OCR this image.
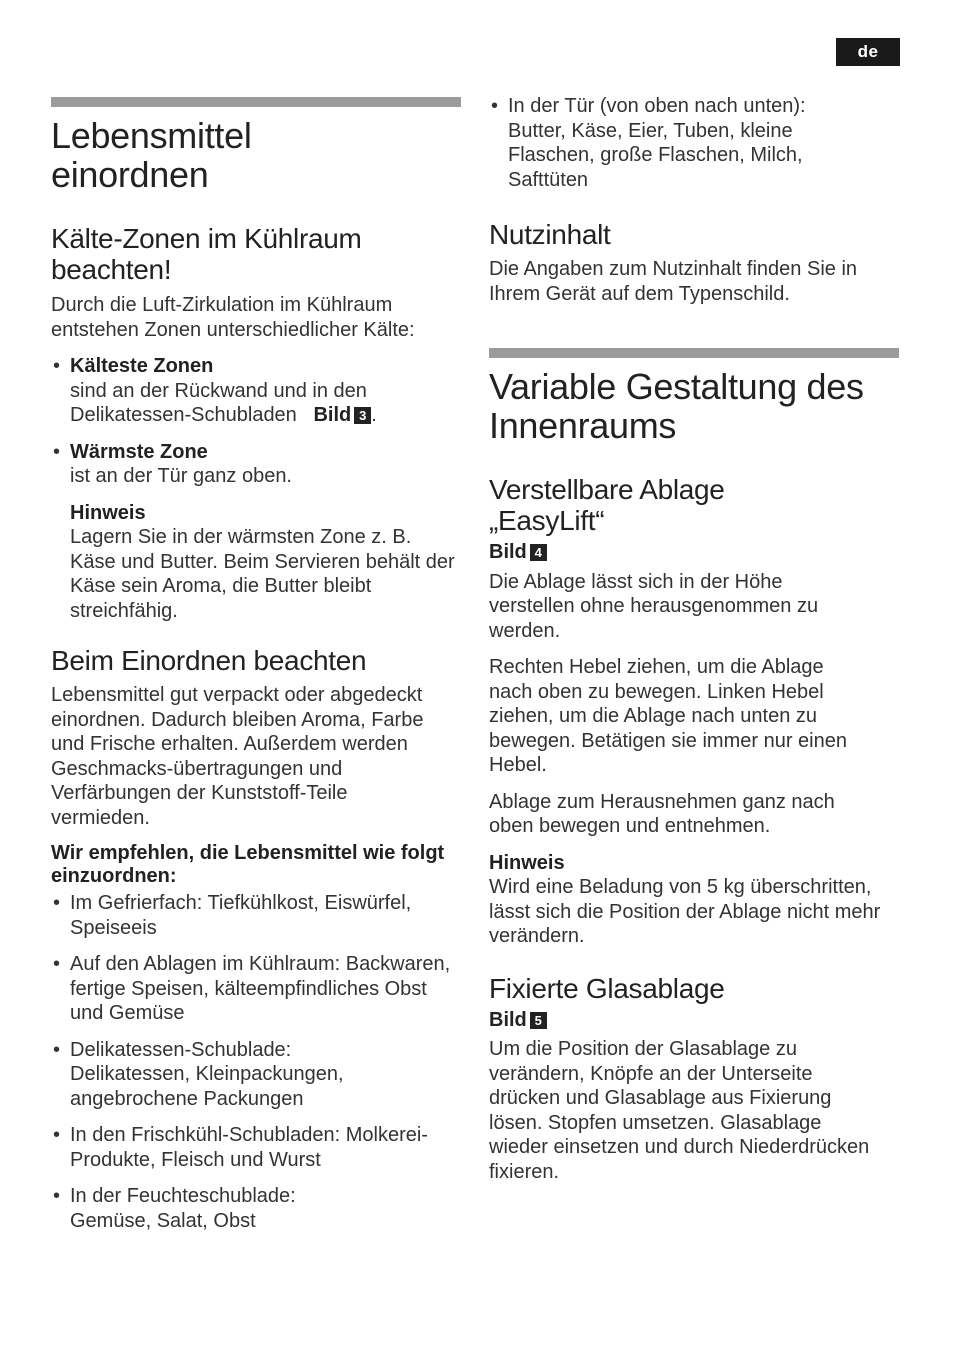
de
Lebensmittel einordnen
Kälte-Zonen im Kühlraum beachten!

Durch die Luft-Zirkulation im Kühlraum entstehen Zonen unterschiedlicher Kälte:

• Kälteste Zonen
sind an der Rückwand und in den Delikatessen-Schubladen Bild 3 .
• Wärmste Zone
ist an der Tür ganz oben.
Hinweis
Lagern Sie in der wärmsten Zone z. B. Käse und Butter. Beim Servieren behält der Käse sein Aroma, die Butter bleibt streichfähig.
Beim Einordnen beachten

Lebensmittel gut verpackt oder abgedeckt einordnen. Dadurch bleiben Aroma, Farbe und Frische erhalten. Außerdem werden Geschmacks-übertragungen und Verfärbungen der Kunststoff-Teile vermieden.

Wir empfehlen, die Lebensmittel wie folgt einzuordnen:

• Im Gefrierfach: Tiefkühlkost, Eiswürfel, Speiseeis
• Auf den Ablagen im Kühlraum: Backwaren, fertige Speisen, kälteempfindliches Obst und Gemüse
• Delikatessen-Schublade: Delikatessen, Kleinpackungen, angebrochene Packungen
• In den Frischkühl-Schubladen: Molkerei-Produkte, Fleisch und Wurst
• In der Feuchteschublade: Gemüse, Salat, Obst
• In der Tür (von oben nach unten): Butter, Käse, Eier, Tuben, kleine Flaschen, große Flaschen, Milch, Safttüten
Nutzinhalt

Die Angaben zum Nutzinhalt finden Sie in Ihrem Gerät auf dem Typenschild.

Variable Gestaltung des Innenraums
Verstellbare Ablage „EasyLift“
Bild 4

Die Ablage lässt sich in der Höhe verstellen ohne herausgenommen zu werden.

Rechten Hebel ziehen, um die Ablage nach oben zu bewegen. Linken Hebel ziehen, um die Ablage nach unten zu bewegen. Betätigen sie immer nur einen Hebel.

Ablage zum Herausnehmen ganz nach oben bewegen und entnehmen.

Hinweis

Wird eine Beladung von 5 kg überschritten, lässt sich die Position der Ablage nicht mehr verändern.

Fixierte Glasablage
Bild 5

Um die Position der Glasablage zu verändern, Knöpfe an der Unterseite drücken und Glasablage aus Fixierung lösen. Stopfen umsetzen. Glasablage wieder einsetzen und durch Niederdrücken fixieren.
